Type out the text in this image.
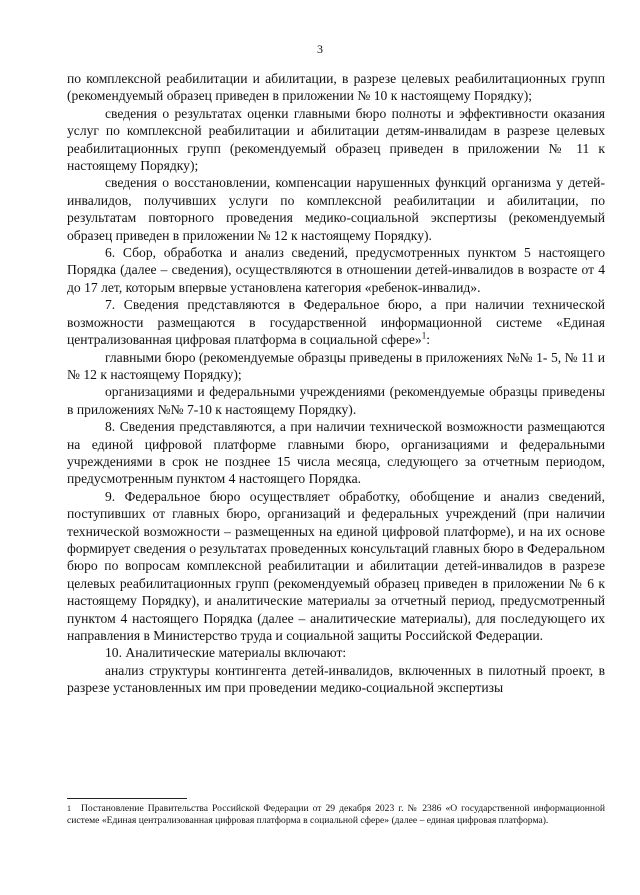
3

по комплексной реабилитации и абилитации, в разрезе целевых реабилитационных групп (рекомендуемый образец приведен в приложении № 10 к настоящему Порядку);

сведения о результатах оценки главными бюро полноты и эффективности оказания услуг по комплексной реабилитации и абилитации детям-инвалидам в разрезе целевых реабилитационных групп (рекомендуемый образец приведен в приложении № 11 к настоящему Порядку);

сведения о восстановлении, компенсации нарушенных функций организма у детей-инвалидов, получивших услуги по комплексной реабилитации и абилитации, по результатам повторного проведения медико-социальной экспертизы (рекомендуемый образец приведен в приложении № 12 к настоящему Порядку).

6. Сбор, обработка и анализ сведений, предусмотренных пунктом 5 настоящего Порядка (далее – сведения), осуществляются в отношении детей-инвалидов в возрасте от 4 до 17 лет, которым впервые установлена категория «ребенок-инвалид».

7. Сведения представляются в Федеральное бюро, а при наличии технической возможности размещаются в государственной информационной системе «Единая централизованная цифровая платформа в социальной сфере»$^1$:

главными бюро (рекомендуемые образцы приведены в приложениях №№ 1- 5, № 11 и № 12 к настоящему Порядку);

организациями и федеральными учреждениями (рекомендуемые образцы приведены в приложениях №№ 7-10 к настоящему Порядку).

8. Сведения представляются, а при наличии технической возможности размещаются на единой цифровой платформе главными бюро, организациями и федеральными учреждениями в срок не позднее 15 числа месяца, следующего за отчетным периодом, предусмотренным пунктом 4 настоящего Порядка.

9. Федеральное бюро осуществляет обработку, обобщение и анализ сведений, поступивших от главных бюро, организаций и федеральных учреждений (при наличии технической возможности – размещенных на единой цифровой платформе), и на их основе формирует сведения о результатах проведенных консультаций главных бюро в Федеральном бюро по вопросам комплексной реабилитации и абилитации детей-инвалидов в разрезе целевых реабилитационных групп (рекомендуемый образец приведен в приложении № 6 к настоящему Порядку), и аналитические материалы за отчетный период, предусмотренный пунктом 4 настоящего Порядка (далее – аналитические материалы), для последующего их направления в Министерство труда и социальной защиты Российской Федерации.

10. Аналитические материалы включают:

анализ структуры контингента детей-инвалидов, включенных в пилотный проект, в разрезе установленных им при проведении медико-социальной экспертизы

1 Постановление Правительства Российской Федерации от 29 декабря 2023 г. № 2386 «О государственной информационной системе «Единая централизованная цифровая платформа в социальной сфере» (далее – единая цифровая платформа).
